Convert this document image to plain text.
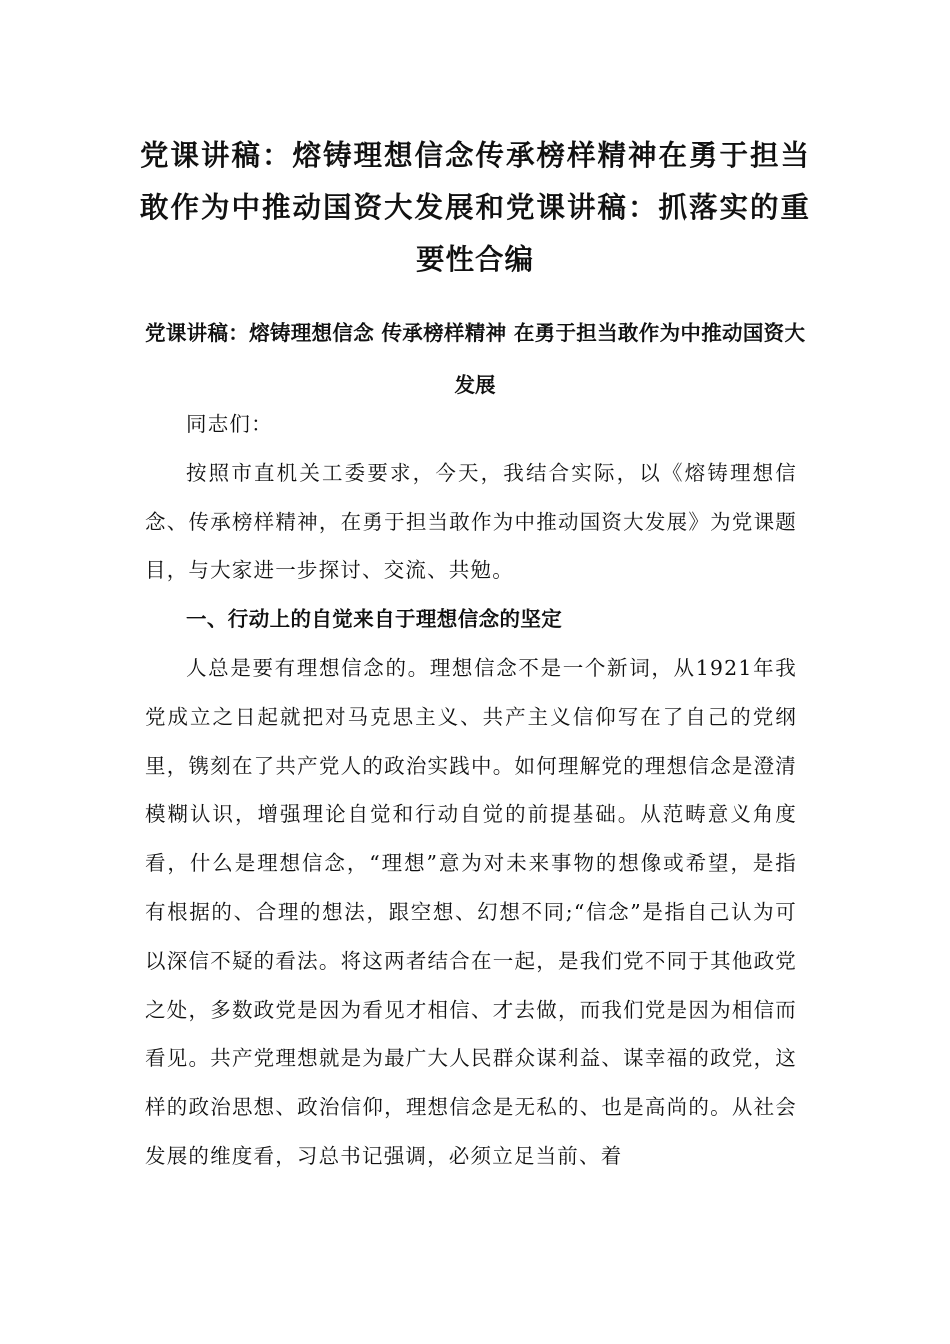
党课讲稿：熔铸理想信念传承榜样精神在勇于担当敢作为中推动国资大发展和党课讲稿：抓落实的重要性合编
党课讲稿：熔铸理想信念 传承榜样精神 在勇于担当敢作为中推动国资大发展

同志们：

按照市直机关工委要求，今天，我结合实际，以《熔铸理想信念、传承榜样精神，在勇于担当敢作为中推动国资大发展》为党课题目，与大家进一步探讨、交流、共勉。

一、行动上的自觉来自于理想信念的坚定

人总是要有理想信念的。理想信念不是一个新词，从1921年我党成立之日起就把对马克思主义、共产主义信仰写在了自己的党纲里，镌刻在了共产党人的政治实践中。如何理解党的理想信念是澄清模糊认识，增强理论自觉和行动自觉的前提基础。从范畴意义角度看，什么是理想信念，“理想”意为对未来事物的想像或希望，是指有根据的、合理的想法，跟空想、幻想不同;“信念”是指自己认为可以深信不疑的看法。将这两者结合在一起，是我们党不同于其他政党之处，多数政党是因为看见才相信、才去做，而我们党是因为相信而看见。共产党理想就是为最广大人民群众谋利益、谋幸福的政党，这样的政治思想、政治信仰，理想信念是无私的、也是高尚的。从社会发展的维度看，习总书记强调，必须立足当前、着
